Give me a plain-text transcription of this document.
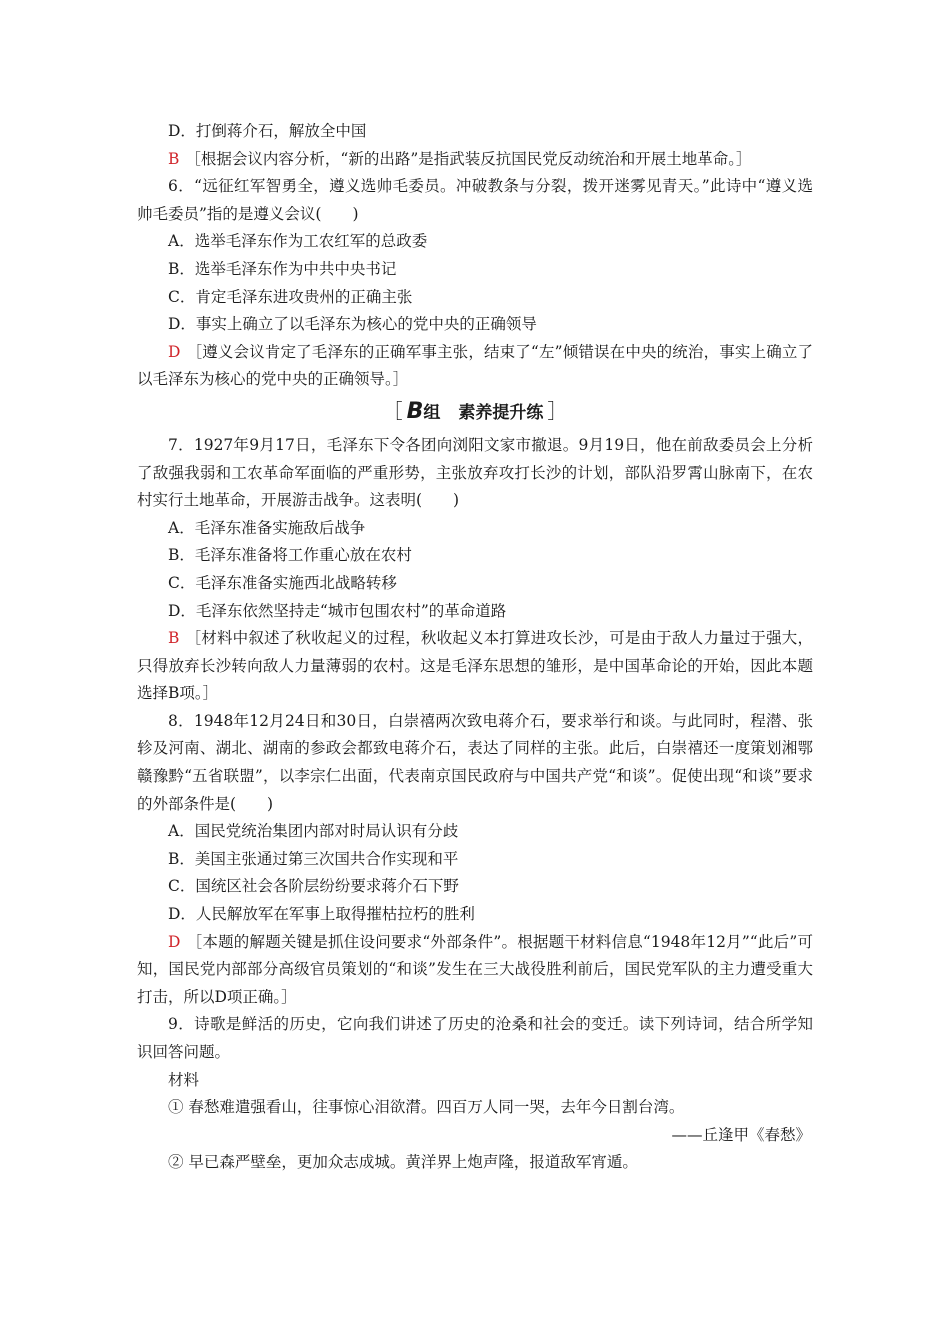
D．打倒蒋介石，解放全中国

B ［根据会议内容分析，“新的出路”是指武装反抗国民党反动统治和开展土地革命。］

6．“远征红军智勇全，遵义选帅毛委员。冲破教条与分裂，拨开迷雾见青天。”此诗中“遵义选帅毛委员”指的是遵义会议(　　)

A．选举毛泽东作为工农红军的总政委

B．选举毛泽东作为中共中央书记

C．肯定毛泽东进攻贵州的正确主张

D．事实上确立了以毛泽东为核心的党中央的正确领导

D ［遵义会议肯定了毛泽东的正确军事主张，结束了“左”倾错误在中央的统治，事实上确立了以毛泽东为核心的党中央的正确领导。］

［ B组 素养提升练 ］

7．1927年9月17日，毛泽东下令各团向浏阳文家市撤退。9月19日，他在前敌委员会上分析了敌强我弱和工农革命军面临的严重形势，主张放弃攻打长沙的计划，部队沿罗霄山脉南下，在农村实行土地革命，开展游击战争。这表明(　　)

A．毛泽东准备实施敌后战争

B．毛泽东准备将工作重心放在农村

C．毛泽东准备实施西北战略转移

D．毛泽东依然坚持走“城市包围农村”的革命道路

B ［材料中叙述了秋收起义的过程，秋收起义本打算进攻长沙，可是由于敌人力量过于强大，只得放弃长沙转向敌人力量薄弱的农村。这是毛泽东思想的雏形，是中国革命论的开始，因此本题选择B项。］

8．1948年12月24日和30日，白崇禧两次致电蒋介石，要求举行和谈。与此同时，程潜、张轸及河南、湖北、湖南的参政会都致电蒋介石，表达了同样的主张。此后，白崇禧还一度策划湘鄂赣豫黔“五省联盟”，以李宗仁出面，代表南京国民政府与中国共产党“和谈”。促使出现“和谈”要求的外部条件是(　　)

A．国民党统治集团内部对时局认识有分歧

B．美国主张通过第三次国共合作实现和平

C．国统区社会各阶层纷纷要求蒋介石下野

D．人民解放军在军事上取得摧枯拉朽的胜利

D ［本题的解题关键是抓住设问要求“外部条件”。根据题干材料信息“1948年12月”“此后”可知，国民党内部部分高级官员策划的“和谈”发生在三大战役胜利前后，国民党军队的主力遭受重大打击，所以D项正确。］

9．诗歌是鲜活的历史，它向我们讲述了历史的沧桑和社会的变迁。读下列诗词，结合所学知识回答问题。

材料

① 春愁难遣强看山，往事惊心泪欲潸。四百万人同一哭，去年今日割台湾。

——丘逢甲《春愁》

② 早已森严壁垒，更加众志成城。黄洋界上炮声隆，报道敌军宵遁。
